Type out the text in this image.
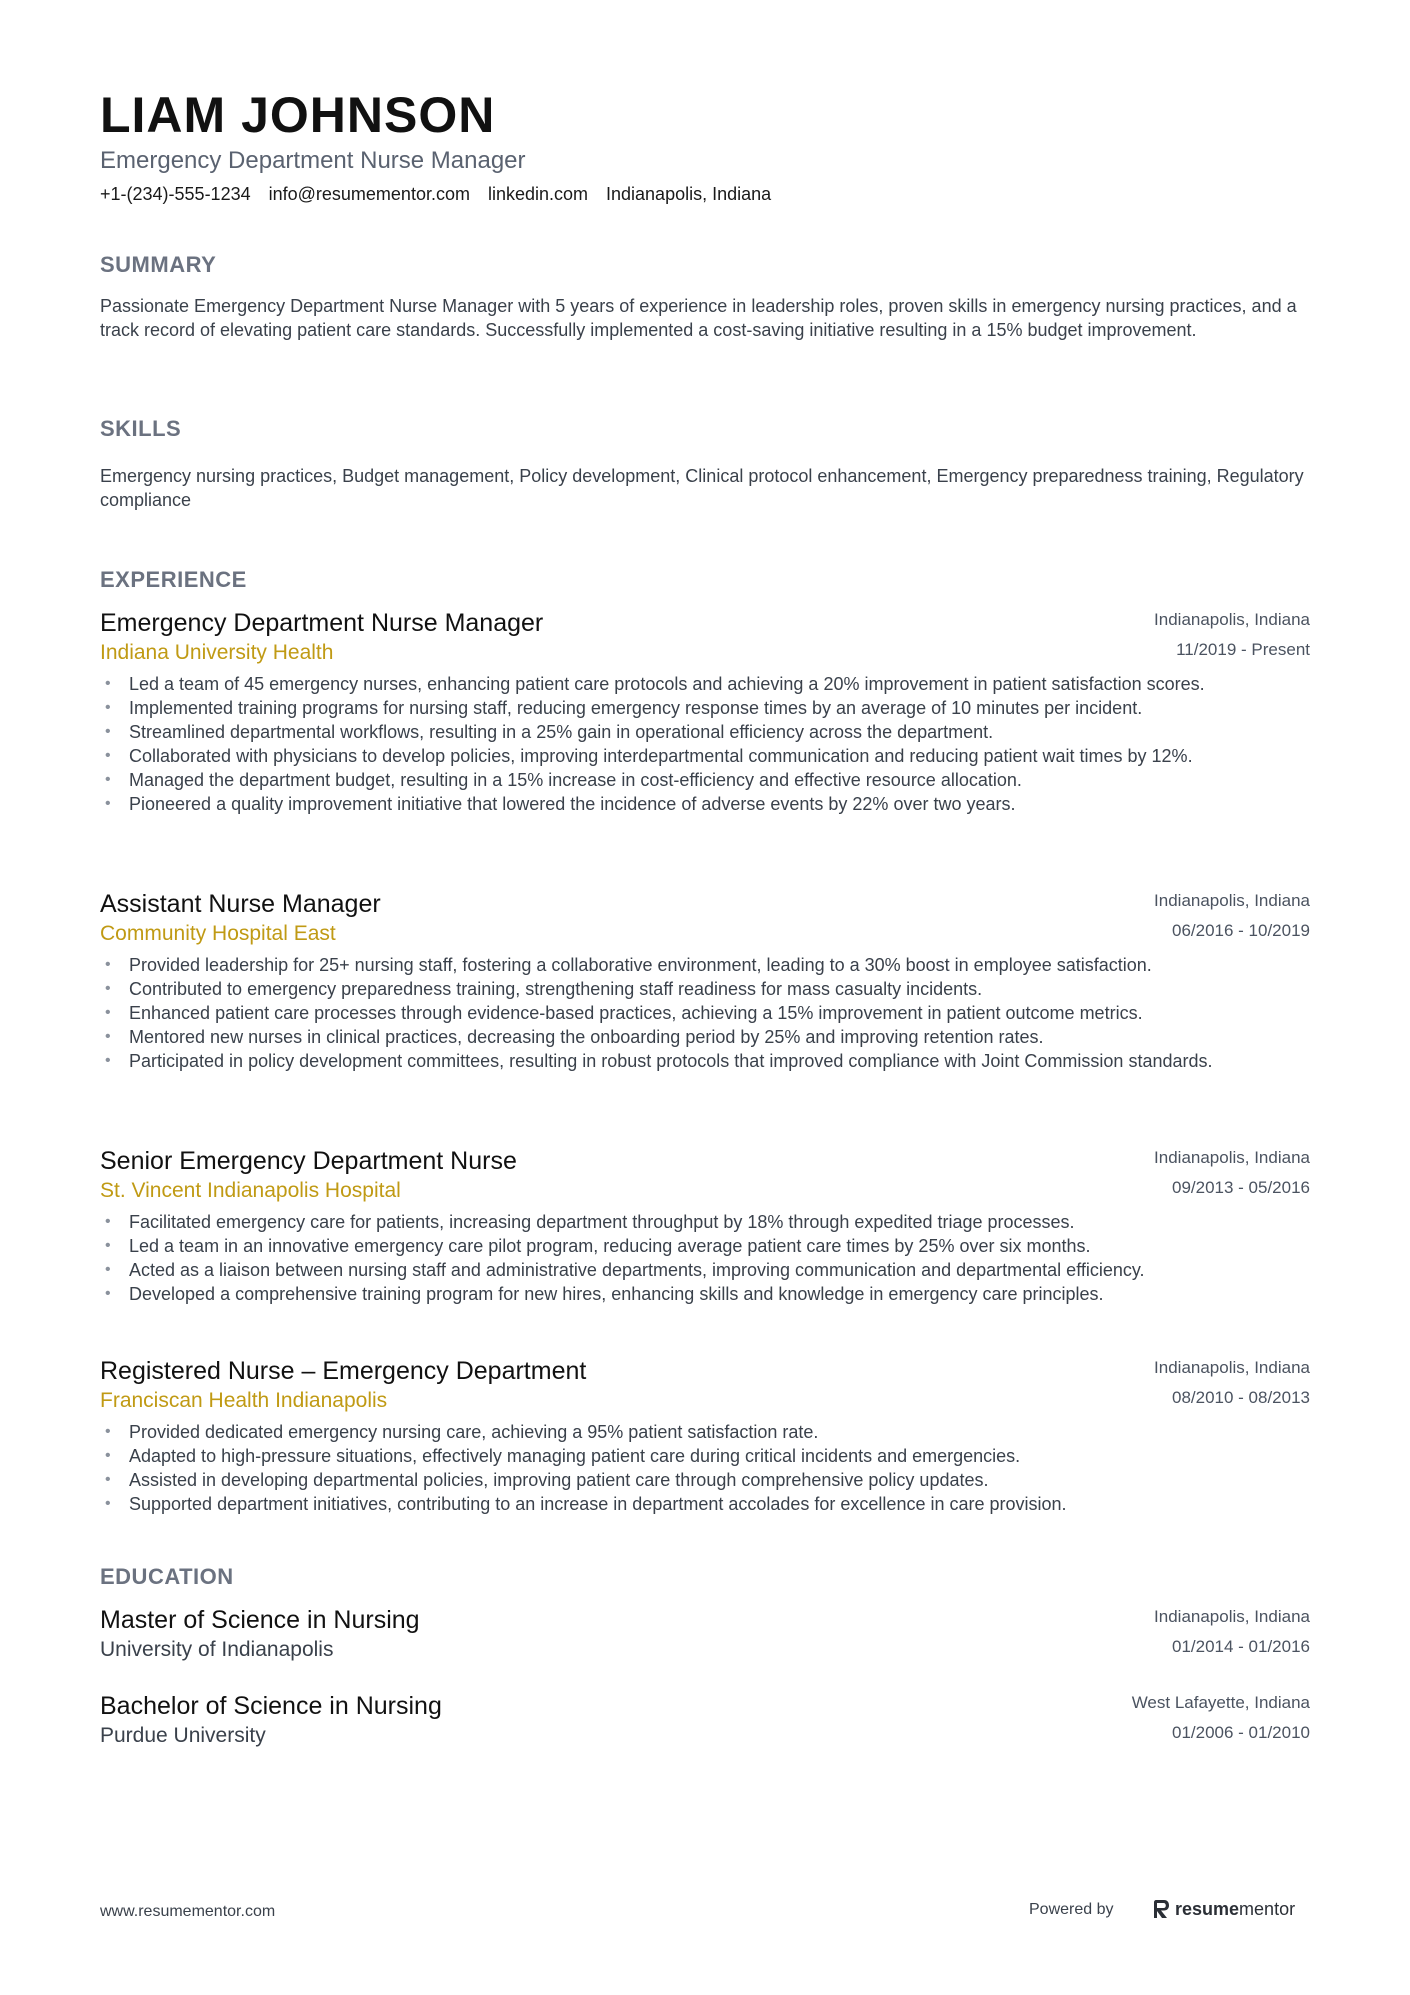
LIAM JOHNSON
Emergency Department Nurse Manager
+1-(234)-555-1234 info@resumementor.com linkedin.com Indianapolis, Indiana
SUMMARY
Passionate Emergency Department Nurse Manager with 5 years of experience in leadership roles, proven skills in emergency nursing practices, and a track record of elevating patient care standards. Successfully implemented a cost-saving initiative resulting in a 15% budget improvement.
SKILLS
Emergency nursing practices, Budget management, Policy development, Clinical protocol enhancement, Emergency preparedness training, Regulatory compliance
EXPERIENCE
Emergency Department Nurse Manager
Indiana University Health
Indianapolis, Indiana
11/2019 - Present
• Led a team of 45 emergency nurses, enhancing patient care protocols and achieving a 20% improvement in patient satisfaction scores.
• Implemented training programs for nursing staff, reducing emergency response times by an average of 10 minutes per incident.
• Streamlined departmental workflows, resulting in a 25% gain in operational efficiency across the department.
• Collaborated with physicians to develop policies, improving interdepartmental communication and reducing patient wait times by 12%.
• Managed the department budget, resulting in a 15% increase in cost-efficiency and effective resource allocation.
• Pioneered a quality improvement initiative that lowered the incidence of adverse events by 22% over two years.
Assistant Nurse Manager
Community Hospital East
Indianapolis, Indiana
06/2016 - 10/2019
• Provided leadership for 25+ nursing staff, fostering a collaborative environment, leading to a 30% boost in employee satisfaction.
• Contributed to emergency preparedness training, strengthening staff readiness for mass casualty incidents.
• Enhanced patient care processes through evidence-based practices, achieving a 15% improvement in patient outcome metrics.
• Mentored new nurses in clinical practices, decreasing the onboarding period by 25% and improving retention rates.
• Participated in policy development committees, resulting in robust protocols that improved compliance with Joint Commission standards.
Senior Emergency Department Nurse
St. Vincent Indianapolis Hospital
Indianapolis, Indiana
09/2013 - 05/2016
• Facilitated emergency care for patients, increasing department throughput by 18% through expedited triage processes.
• Led a team in an innovative emergency care pilot program, reducing average patient care times by 25% over six months.
• Acted as a liaison between nursing staff and administrative departments, improving communication and departmental efficiency.
• Developed a comprehensive training program for new hires, enhancing skills and knowledge in emergency care principles.
Registered Nurse – Emergency Department
Franciscan Health Indianapolis
Indianapolis, Indiana
08/2010 - 08/2013
• Provided dedicated emergency nursing care, achieving a 95% patient satisfaction rate.
• Adapted to high-pressure situations, effectively managing patient care during critical incidents and emergencies.
• Assisted in developing departmental policies, improving patient care through comprehensive policy updates.
• Supported department initiatives, contributing to an increase in department accolades for excellence in care provision.
EDUCATION
Master of Science in Nursing
University of Indianapolis
Indianapolis, Indiana
01/2014 - 01/2016
Bachelor of Science in Nursing
Purdue University
West Lafayette, Indiana
01/2006 - 01/2010
www.resumementor.com	Powered by	resumementor
